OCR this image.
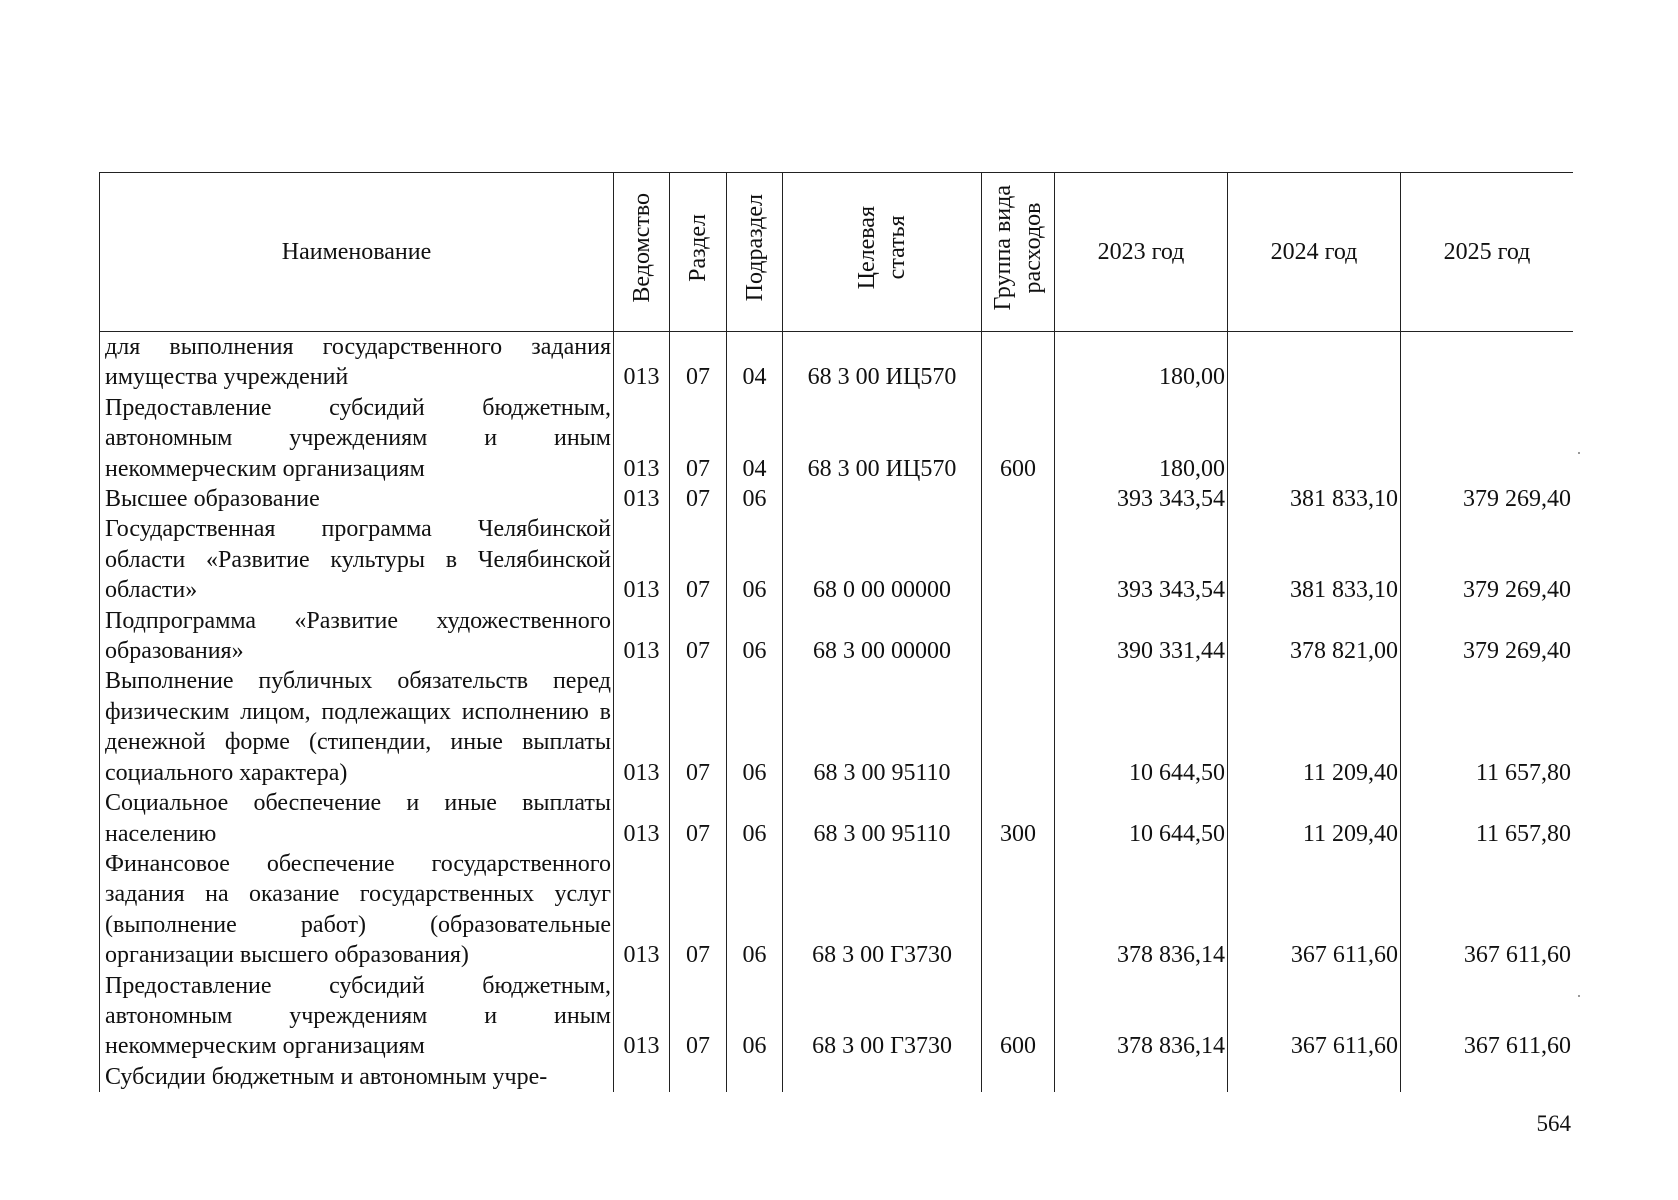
Наименование	Ведомство	Раздел	Подраздел	Целевая статья	Группа вида расходов	2023 год	2024 год	2025 год
для выполнения государственного задания имущества учреждений	013	07	04	68 3 00 ИЦ570		180,00		
Предоставление субсидий бюджетным, автономным учреждениям и иным некоммерческим организациям	013	07	04	68 3 00 ИЦ570	600	180,00		
Высшее образование	013	07	06			393 343,54	381 833,10	379 269,40
Государственная программа Челябинской области «Развитие культуры в Челябинской области»	013	07	06	68 0 00 00000		393 343,54	381 833,10	379 269,40
Подпрограмма «Развитие художественного образования»	013	07	06	68 3 00 00000		390 331,44	378 821,00	379 269,40
Выполнение публичных обязательств перед физическим лицом, подлежащих исполнению в денежной форме (стипендии, иные выплаты социального характера)	013	07	06	68 3 00 95110		10 644,50	11 209,40	11 657,80
Социальное обеспечение и иные выплаты населению	013	07	06	68 3 00 95110	300	10 644,50	11 209,40	11 657,80
Финансовое обеспечение государственного задания на оказание государственных услуг (выполнение работ) (образовательные организации высшего образования)	013	07	06	68 3 00 Г3730		378 836,14	367 611,60	367 611,60
Предоставление субсидий бюджетным, автономным учреждениям и иным некоммерческим организациям	013	07	06	68 3 00 Г3730	600	378 836,14	367 611,60	367 611,60
Субсидии бюджетным и автономным учре-								
564
